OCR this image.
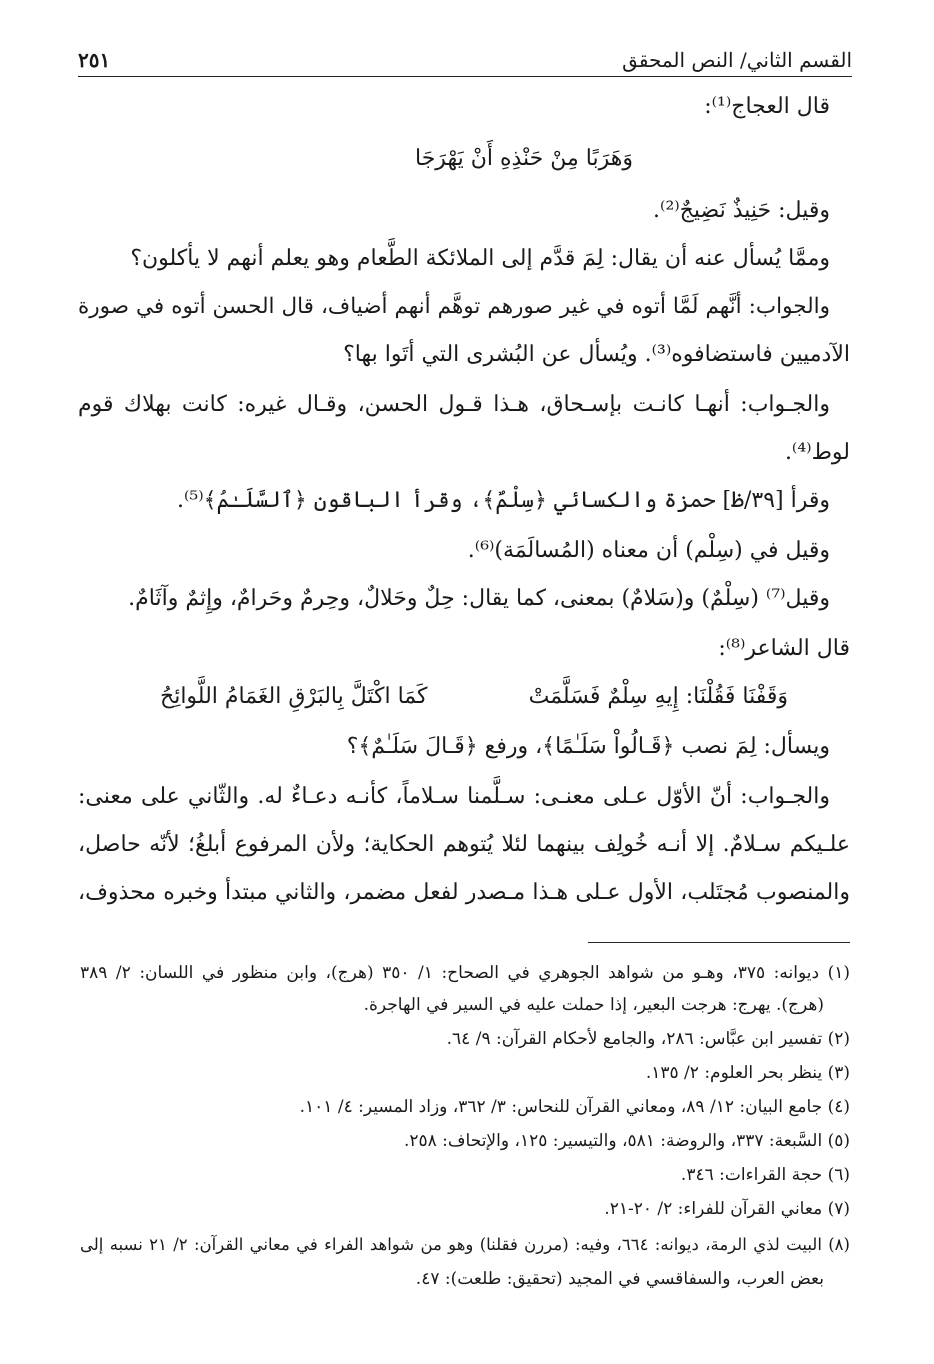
القسم الثاني/ النص المحقق
٢٥١
قال العجاج⁽¹⁾:
وَهَرَبًا مِنْ حَنْذِهِ أَنْ يَهْرَجَا
وقيل: حَنِيذٌ نَضِيجٌ⁽²⁾.
وممَّا يُسأل عنه أن يقال: لِمَ قدَّم إلى الملائكة الطَّعام وهو يعلم أنهم لا يأكلون؟
والجواب: أنَّهم لَمَّا أتوه في غير صورهم توهَّم أنهم أضياف، قال الحسن أتوه في صورة
الآدميين فاستضافوه⁽³⁾. ويُسأل عن البُشرى التي أتَوا بها؟
والجـواب: أنهـا كانـت بإسـحاق، هـذا قـول الحسن، وقـال غيره: كانت بهلاك قوم
لوط⁽⁴⁾.
وقرأ [٣٩/ظ] حمزة والكسائي ﴿سِلْمٌ﴾، وقرأ الباقون ﴿ٱلسَّلَـٰمُ﴾⁽⁵⁾.
وقيل في (سِلْم) أن معناه (المُسالَمَة)⁽⁶⁾.
وقيل⁽⁷⁾ (سِلْمٌ) و(سَلامٌ) بمعنى، كما يقال: حِلٌ وحَلالٌ، وحِرمٌ وحَرامٌ، وإِثمٌ وآثَامٌ.
قال الشاعر⁽⁸⁾:
وَقَفْنَا فَقُلْنَا: إِيهِ سِلْمٌ فَسَلَّمَتْ
كَمَا اكْتَلَّ بِالبَرْقِ الغَمَامُ اللَّوائِحُ
ويسأل: لِمَ نصب ﴿قَـالُواْ سَلَـٰمًا﴾، ورفع ﴿قَـالَ سَلَـٰمٌ﴾؟
والجـواب: أنّ الأوّل عـلى معنـى: سـلَّمنا سـلاماً، كأنـه دعـاءٌ له. والثّاني على معنى:
علـيكم سـلامٌ. إلا أنـه خُولِف بينهما لئلا يُتوهم الحكاية؛ ولأن المرفوع أبلغُ؛ لأنّه حاصل،
والمنصوب مُجتَلب، الأول عـلى هـذا مـصدر لفعل مضمر، والثاني مبتدأ وخبره محذوف،
(١) ديوانه: ٣٧٥، وهـو من شواهد الجوهري في الصحاح: ١/ ٣٥٠ (هرج)، وابن منظور في اللسان: ٢/ ٣٨٩
(هرج). يهرج: هرجت البعير، إذا حملت عليه في السير في الهاجرة.
(٢) تفسير ابن عبَّاس: ٢٨٦، والجامع لأحكام القرآن: ٩/ ٦٤.
(٣) ينظر بحر العلوم: ٢/ ١٣٥.
(٤) جامع البيان: ١٢/ ٨٩، ومعاني القرآن للنحاس: ٣/ ٣٦٢، وزاد المسير: ٤/ ١٠١.
(٥) السَّبعة: ٣٣٧، والروضة: ٥٨١، والتيسير: ١٢٥، والإتحاف: ٢٥٨.
(٦) حجة القراءات: ٣٤٦.
(٧) معاني القرآن للفراء: ٢/ ٢٠-٢١.
(٨) البيت لذي الرمة، ديوانه: ٦٦٤، وفيه: (مررن فقلنا) وهو من شواهد الفراء في معاني القرآن: ٢/ ٢١ نسبه إلى
بعض العرب، والسفاقسي في المجيد (تحقيق: طلعت): ٤٧.
